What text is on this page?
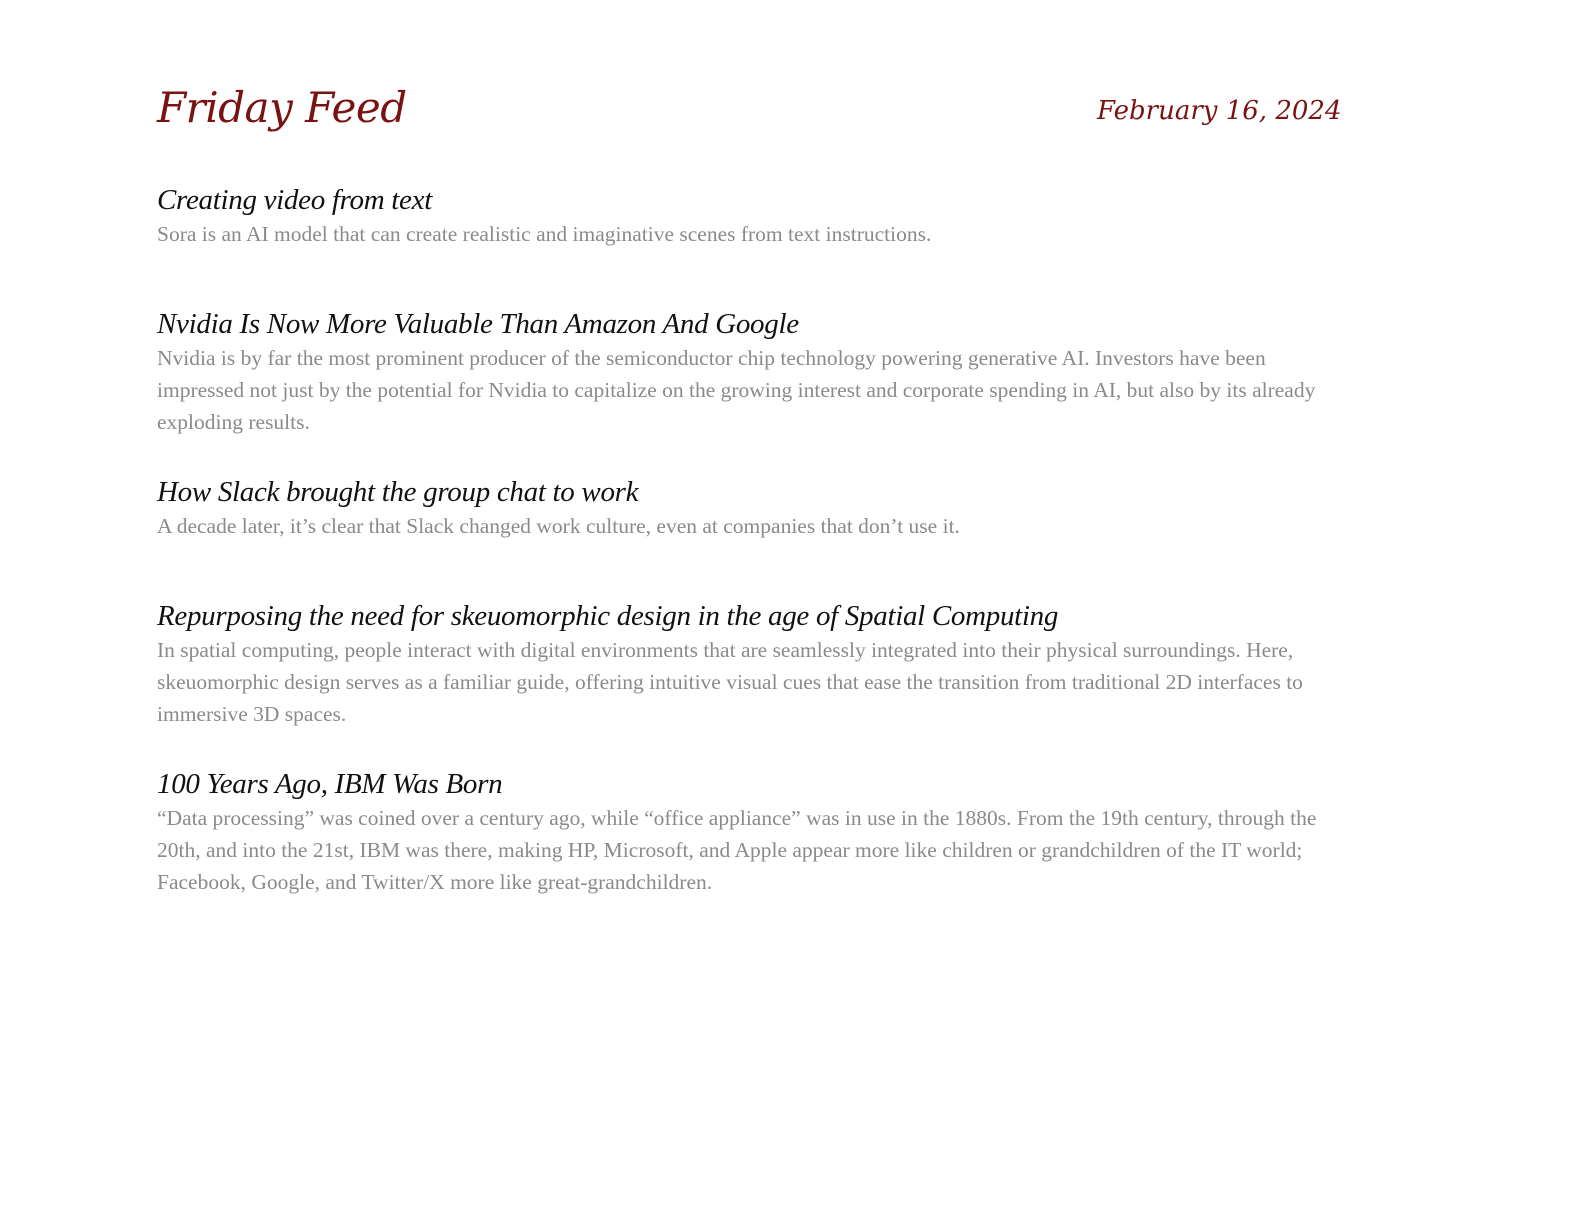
Friday Feed	February 16, 2024
Creating video from text

Sora is an AI model that can create realistic and imaginative scenes from text instructions.

Nvidia Is Now More Valuable Than Amazon And Google

Nvidia is by far the most prominent producer of the semiconductor chip technology powering generative AI. Investors have been impressed not just by the potential for Nvidia to capitalize on the growing interest and corporate spending in AI, but also by its already exploding results.

How Slack brought the group chat to work

A decade later, it’s clear that Slack changed work culture, even at companies that don’t use it.

Repurposing the need for skeuomorphic design in the age of Spatial Computing

In spatial computing, people interact with digital environments that are seamlessly integrated into their physical surroundings. Here, skeuomorphic design serves as a familiar guide, offering intuitive visual cues that ease the transition from traditional 2D interfaces to immersive 3D spaces.

100 Years Ago, IBM Was Born

“Data processing” was coined over a century ago, while “office appliance” was in use in the 1880s. From the 19th century, through the 20th, and into the 21st, IBM was there, making HP, Microsoft, and Apple appear more like children or grandchildren of the IT world; Facebook, Google, and Twitter/X more like great-grandchildren.
